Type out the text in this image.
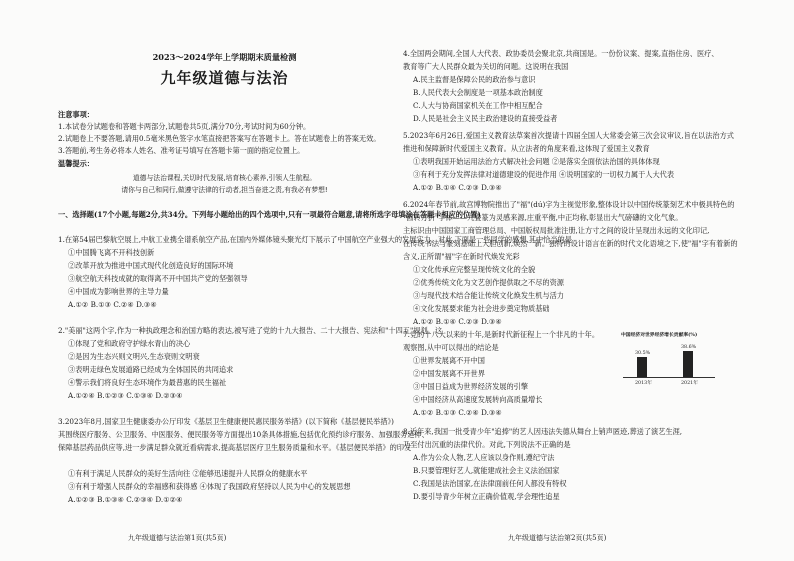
2023～2024学年上学期期末质量检测
九年级道德与法治
注意事项：
1.本试卷分试题卷和答题卡两部分,试题卷共5页,满分70分,考试时间为60分钟。
2.试题卷上不要答题,请用0.5毫米黑色签字水笔直接把答案写在答题卡上。答在试题卷上的答案无效。
3.答题前,考生务必将本人姓名、准考证号填写在答题卡第一面的指定位置上。
温馨提示：
道德与法治课程,关切时代发展,培育核心素养,引领人生航程。
请你与自己和同行,做遵守法律的行动者,担当奋进之责,有我必有梦想!
一、选择题(17个小题,每题2分,共34分。下列每小题给出的四个选项中,只有一项最符合题意,请将所选字母填涂在答题卡相应的位置)
1.在第54届巴黎航空展上,中航工业携全谱系航空产品,在国内外媒体镜头聚光灯下展示了中国航空产业强大的发展实力。对此,下面是一些同学的感想,其中恰当的是
①中国腾飞离不开科技创新
②改革开放为推进中国式现代化创造良好的国际环境
③航空航天科技成就的取得离不开中国共产党的坚强领导
④中国成为影响世界的主导力量
A.①② B.①③ C.②④ D.③④
2."美丽"这两个字,作为一种执政理念和治国方略的表达,被写进了党的十九大报告、二十大报告、宪法和"十四五"规划。这
①体现了党和政府守护绿水青山的决心
②是因为生态兴则文明兴,生态衰则文明衰
③表明走绿色发展道路已经成为全体国民的共同追求
④警示我们将良好生态环境作为最普惠的民生福祉
A.①②④ B.①②③ C.①③④ D.②③④
3.2023年8月,国家卫生健康委办公厅印发《基层卫生健康便民惠民服务举措》(以下简称《基层便民举措》)
其围绕医疗服务、公卫服务、中医服务、便民服务等方面提出10条具体措施,包括优化预约诊疗服务、加强服务延伸、
保障基层药品供应等,进一步满足群众就近看病需求,提高基层医疗卫生服务质量和水平。《基层便民举措》的印发
①有利于满足人民群众的美好生活向往 ②能够迅速提升人民群众的健康水平
③有利于增强人民群众的幸福感和获得感 ④体现了我国政府坚持以人民为中心的发展思想
A.①②③ B.①③④ C.②③④ D.①②④
4.全国两会期间,全国人大代表、政协委员会聚北京,共商国是。一份份议案、提案,直指住房、医疗、
教育等广大人民群众最为关切的问题。这说明在我国
A.民主监督是保障公民的政治参与意识
B.人民代表大会制度是一项基本政治制度
C.人大与协商国家机关在工作中相互配合
D.人民是社会主义民主政治建设的直接受益者
5.2023年6月26日,爱国主义教育法草案首次提请十四届全国人大常委会第三次会议审议,旨在以法治方式
推进和保障新时代爱国主义教育。从立法者的角度来看,这体现了爱国主义教育
①表明我国开始运用法治方式解决社会问题 ②是落实全面依法治国的具体体现
③有利于充分发挥法律对道德建设的促进作用 ④说明国家的一切权力属于人大代表
A.①② B.①④ C.②③ D.③④
6.2024年春节前,故宫博物院推出了"福"(dú)字为主视觉形象,整体设计以中国传统篆刻艺术中极具特色的
"圆转方折"字体——九叠篆为灵感来源,庄重平衡,中正均称,彰显出大气磅礴的文化气象。
主标识由中国国家工商管理总局、中国版权局批准注册,让方寸之间的设计呈现出永远的文化印记,
在传统书法与篆刻基础上大胆创新,焕然一新。独特的设计语言在新的时代文化语境之下,使"福"字有着新的
含义,正所谓"福"字在新时代焕发光彩
①文化传承应完整呈现传统文化的全貌
②优秀传统文化为文艺创作提供取之不尽的资源
③与现代技术结合能让传统文化焕发生机与活力
④文化发展要求能为社会进步奠定物质基础
A.①② B.①④ C.②③ D.③④
7.党的十八大以来的十年,是新时代新征程上一个非凡的十年。
观察图,从中可以得出的结论是
①世界发展离不开中国
②中国发展离不开世界
③中国日益成为世界经济发展的引擎
④中国经济从高速度发展转向高质量增长
A.①② B.①③ C.②④ D.③④
8.近年来,我国一批受青少年"追捧"的艺人因违法失德从舞台上销声匿迹,葬送了演艺生涯,
乃至付出沉重的法律代价。对此,下列说法不正确的是
A.作为公众人物,艺人应该以身作则,遵纪守法
B.只要管理好艺人,就能建成社会主义法治国家
C.我国是法治国家,在法律面前任何人都没有特权
D.要引导青少年树立正确价值观,学会理性追星
中国经济对世界经济增长贡献率(%)
30.5%
2013年
38.6%
2021年
九年级道德与法治第1页(共5页)	九年级道德与法治第2页(共5页)
